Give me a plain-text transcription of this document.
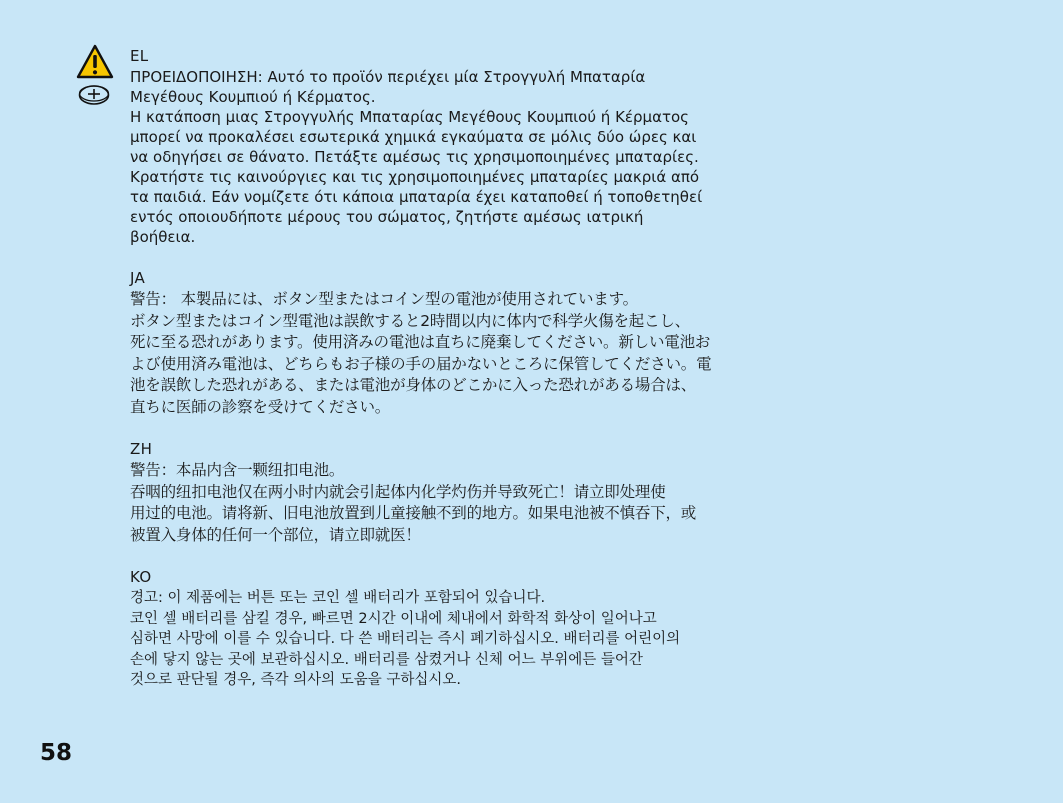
EL
ΠΡΟΕΙΔΟΠΟΙΗΣΗ: Αυτό το προϊόν περιέχει μία Στρογγυλή Μπαταρία
Μεγέθους Κουμπιού ή Κέρματος.
Η κατάποση μιας Στρογγυλής Μπαταρίας Μεγέθους Κουμπιού ή Κέρματος
μπορεί να προκαλέσει εσωτερικά χημικά εγκαύματα σε μόλις δύο ώρες και
να οδηγήσει σε θάνατο. Πετάξτε αμέσως τις χρησιμοποιημένες μπαταρίες.
Κρατήστε τις καινούργιες και τις χρησιμοποιημένες μπαταρίες μακριά από
τα παιδιά. Εάν νομίζετε ότι κάποια μπαταρία έχει καταποθεί ή τοποθετηθεί
εντός οποιουδήποτε μέρους του σώματος, ζητήστε αμέσως ιατρική
βοήθεια.
JA
警告： 本製品には、ボタン型またはコイン型の電池が使用されています。
ボタン型またはコイン型電池は誤飲すると2時間以内に体内で科学火傷を起こし、
死に至る恐れがあります。使用済みの電池は直ちに廃棄してください。新しい電池お
よび使用済み電池は、どちらもお子様の手の届かないところに保管してください。電
池を誤飲した恐れがある、または電池が身体のどこかに入った恐れがある場合は、
直ちに医師の診察を受けてください。
ZH
警告：本品内含一颗纽扣电池。
吞咽的纽扣电池仅在两小时内就会引起体内化学灼伤并导致死亡！请立即处理使
用过的电池。请将新、旧电池放置到儿童接触不到的地方。如果电池被不慎吞下，或
被置入身体的任何一个部位，请立即就医！
KO
경고: 이 제품에는 버튼 또는 코인 셀 배터리가 포함되어 있습니다.
코인 셀 배터리를 삼킬 경우, 빠르면 2시간 이내에 체내에서 화학적 화상이 일어나고
심하면 사망에 이를 수 있습니다. 다 쓴 배터리는 즉시 폐기하십시오. 배터리를 어린이의
손에 닿지 않는 곳에 보관하십시오. 배터리를 삼켰거나 신체 어느 부위에든 들어간
것으로 판단될 경우, 즉각 의사의 도움을 구하십시오.
58
